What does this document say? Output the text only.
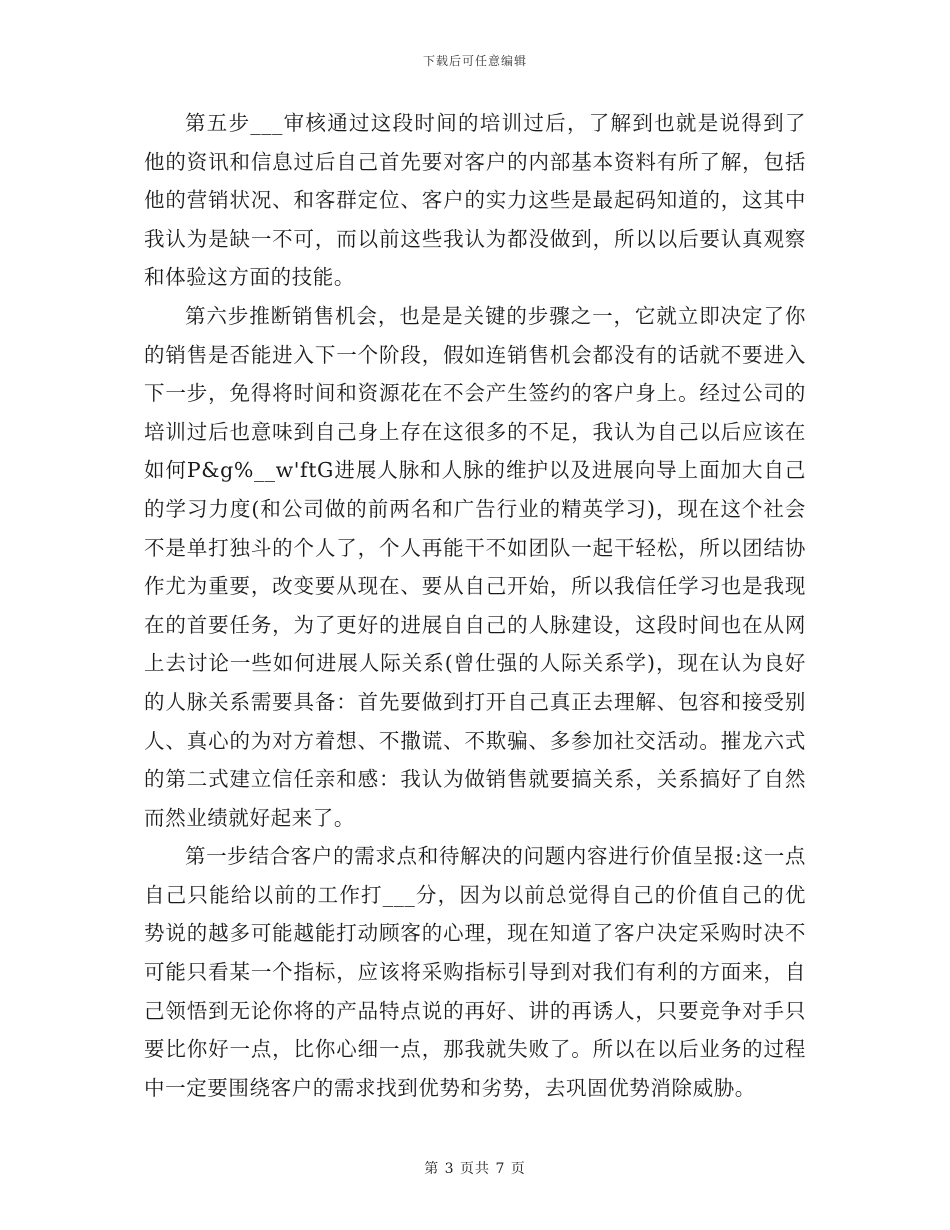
下载后可任意编辑

第五步___审核通过这段时间的培训过后，了解到也就是说得到了他的资讯和信息过后自己首先要对客户的内部基本资料有所了解，包括他的营销状况、和客群定位、客户的实力这些是最起码知道的，这其中我认为是缺一不可，而以前这些我认为都没做到，所以以后要认真观察和体验这方面的技能。

第六步推断销售机会，也是是关键的步骤之一，它就立即决定了你的销售是否能进入下一个阶段，假如连销售机会都没有的话就不要进入下一步，免得将时间和资源花在不会产生签约的客户身上。经过公司的培训过后也意味到自己身上存在这很多的不足，我认为自己以后应该在如何P&g%__w'ftG进展人脉和人脉的维护以及进展向导上面加大自己的学习力度(和公司做的前两名和广告行业的精英学习)，现在这个社会不是单打独斗的个人了，个人再能干不如团队一起干轻松，所以团结协作尤为重要，改变要从现在、要从自己开始，所以我信任学习也是我现在的首要任务，为了更好的进展自自己的人脉建设，这段时间也在从网上去讨论一些如何进展人际关系(曾仕强的人际关系学)，现在认为良好的人脉关系需要具备：首先要做到打开自己真正去理解、包容和接受别人、真心的为对方着想、不撒谎、不欺骗、多参加社交活动。摧龙六式的第二式建立信任亲和感：我认为做销售就要搞关系，关系搞好了自然而然业绩就好起来了。

第一步结合客户的需求点和待解决的问题内容进行价值呈报:这一点自己只能给以前的工作打___分，因为以前总觉得自己的价值自己的优势说的越多可能越能打动顾客的心理，现在知道了客户决定采购时决不可能只看某一个指标，应该将采购指标引导到对我们有利的方面来，自己领悟到无论你将的产品特点说的再好、讲的再诱人，只要竞争对手只要比你好一点，比你心细一点，那我就失败了。所以在以后业务的过程中一定要围绕客户的需求找到优势和劣势，去巩固优势消除威胁。

第 3 页共 7 页
